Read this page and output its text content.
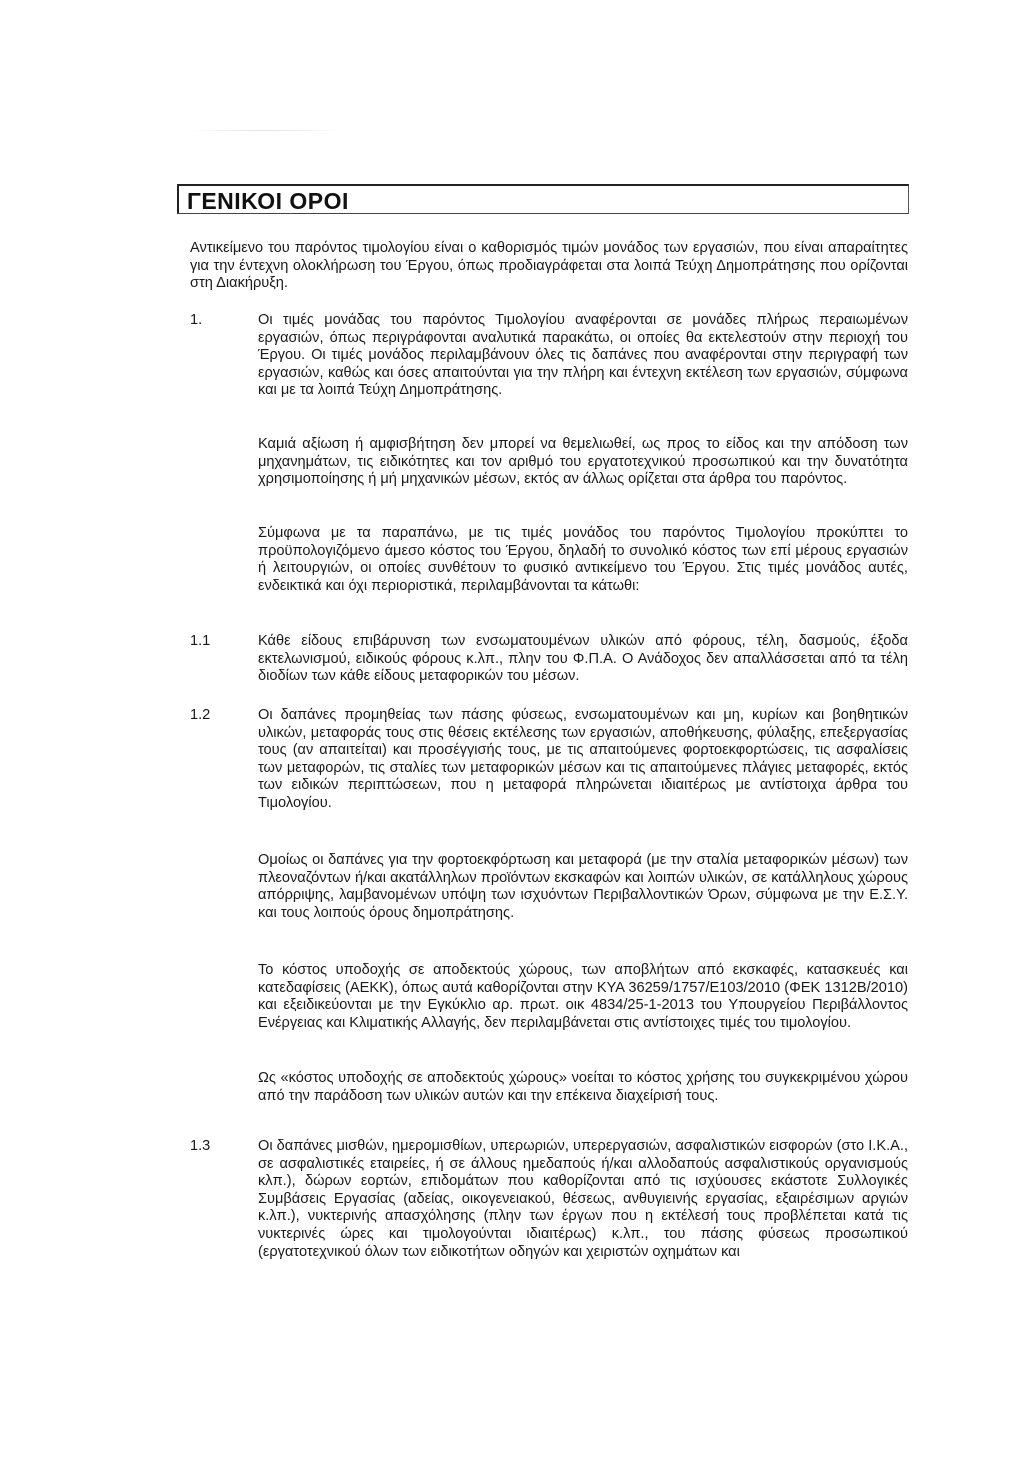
ΓΕΝΙΚΟΙ ΟΡΟΙ
Αντικείμενο του παρόντος τιμολογίου είναι ο καθορισμός τιμών μονάδος των εργασιών, που είναι απαραίτητες για την έντεχνη ολοκλήρωση του Έργου, όπως προδιαγράφεται στα λοιπά Τεύχη Δημοπράτησης που ορίζονται στη Διακήρυξη.
1.	Οι τιμές μονάδας του παρόντος Τιμολογίου αναφέρονται σε μονάδες πλήρως περαιωμένων εργασιών, όπως περιγράφονται αναλυτικά παρακάτω, οι οποίες θα εκτελεστούν στην περιοχή του Έργου. Οι τιμές μονάδος περιλαμβάνουν όλες τις δαπάνες που αναφέρονται στην περιγραφή των εργασιών, καθώς και όσες απαιτούνται για την πλήρη και έντεχνη εκτέλεση των εργασιών, σύμφωνα και με τα λοιπά Τεύχη Δημοπράτησης.
Καμιά αξίωση ή αμφισβήτηση δεν μπορεί να θεμελιωθεί, ως προς το είδος και την απόδοση των μηχανημάτων, τις ειδικότητες και τον αριθμό του εργατοτεχνικού προσωπικού και την δυνατότητα χρησιμοποίησης ή μή μηχανικών μέσων, εκτός αν άλλως ορίζεται στα άρθρα του παρόντος.
Σύμφωνα με τα παραπάνω, με τις τιμές μονάδος του παρόντος Τιμολογίου προκύπτει το προϋπολογιζόμενο άμεσο κόστος του Έργου, δηλαδή το συνολικό κόστος των επί μέρους εργασιών ή λειτουργιών, οι οποίες συνθέτουν το φυσικό αντικείμενο του Έργου. Στις τιμές μονάδος αυτές, ενδεικτικά και όχι περιοριστικά, περιλαμβάνονται τα κάτωθι:
1.1	Κάθε είδους επιβάρυνση των ενσωματουμένων υλικών από φόρους, τέλη, δασμούς, έξοδα εκτελωνισμού, ειδικούς φόρους κ.λπ., πλην του Φ.Π.Α. Ο Ανάδοχος δεν απαλλάσσεται από τα τέλη διοδίων των κάθε είδους μεταφορικών του μέσων.
1.2	Οι δαπάνες προμηθείας των πάσης φύσεως, ενσωματουμένων και μη, κυρίων και βοηθητικών υλικών, μεταφοράς τους στις θέσεις εκτέλεσης των εργασιών, αποθήκευσης, φύλαξης, επεξεργασίας τους (αν απαιτείται) και προσέγγισής τους, με τις απαιτούμενες φορτοεκφορτώσεις, τις ασφαλίσεις των μεταφορών, τις σταλίες των μεταφορικών μέσων και τις απαιτούμενες πλάγιες μεταφορές, εκτός των ειδικών περιπτώσεων, που η μεταφορά πληρώνεται ιδιαιτέρως με αντίστοιχα άρθρα του Τιμολογίου.
Ομοίως οι δαπάνες για την φορτοεκφόρτωση και μεταφορά (με την σταλία μεταφορικών μέσων) των πλεοναζόντων ή/και ακατάλληλων προϊόντων εκσκαφών και λοιπών υλικών, σε κατάλληλους χώρους απόρριψης, λαμβανομένων υπόψη των ισχυόντων Περιβαλλοντικών Όρων, σύμφωνα με την Ε.Σ.Υ. και τους λοιπούς όρους δημοπράτησης.
Το κόστος υποδοχής σε αποδεκτούς χώρους, των αποβλήτων από εκσκαφές, κατασκευές και κατεδαφίσεις (ΑΕΚΚ), όπως αυτά καθορίζονται στην ΚΥΑ 36259/1757/Ε103/2010 (ΦΕΚ 1312Β/2010) και εξειδικεύονται με την Εγκύκλιο αρ. πρωτ. οικ 4834/25-1-2013 του Υπουργείου Περιβάλλοντος Ενέργειας και Κλιματικής Αλλαγής, δεν περιλαμβάνεται στις αντίστοιχες τιμές του τιμολογίου.
Ως «κόστος υποδοχής σε αποδεκτούς χώρους» νοείται το κόστος χρήσης του συγκεκριμένου χώρου από την παράδοση των υλικών αυτών και την επέκεινα διαχείρισή τους.
1.3	Οι δαπάνες μισθών, ημερομισθίων, υπερωριών, υπερεργασιών, ασφαλιστικών εισφορών (στο Ι.Κ.Α., σε ασφαλιστικές εταιρείες, ή σε άλλους ημεδαπούς ή/και αλλοδαπούς ασφαλιστικούς οργανισμούς κλπ.), δώρων εορτών, επιδομάτων που καθορίζονται από τις ισχύουσες εκάστοτε Συλλογικές Συμβάσεις Εργασίας (αδείας, οικογενειακού, θέσεως, ανθυγιεινής εργασίας, εξαιρέσιμων αργιών κ.λπ.), νυκτερινής απασχόλησης (πλην των έργων που η εκτέλεσή τους προβλέπεται κατά τις νυκτερινές ώρες και τιμολογούνται ιδιαιτέρως) κ.λπ., του πάσης φύσεως προσωπικού (εργατοτεχνικού όλων των ειδικοτήτων οδηγών και χειριστών οχημάτων και
